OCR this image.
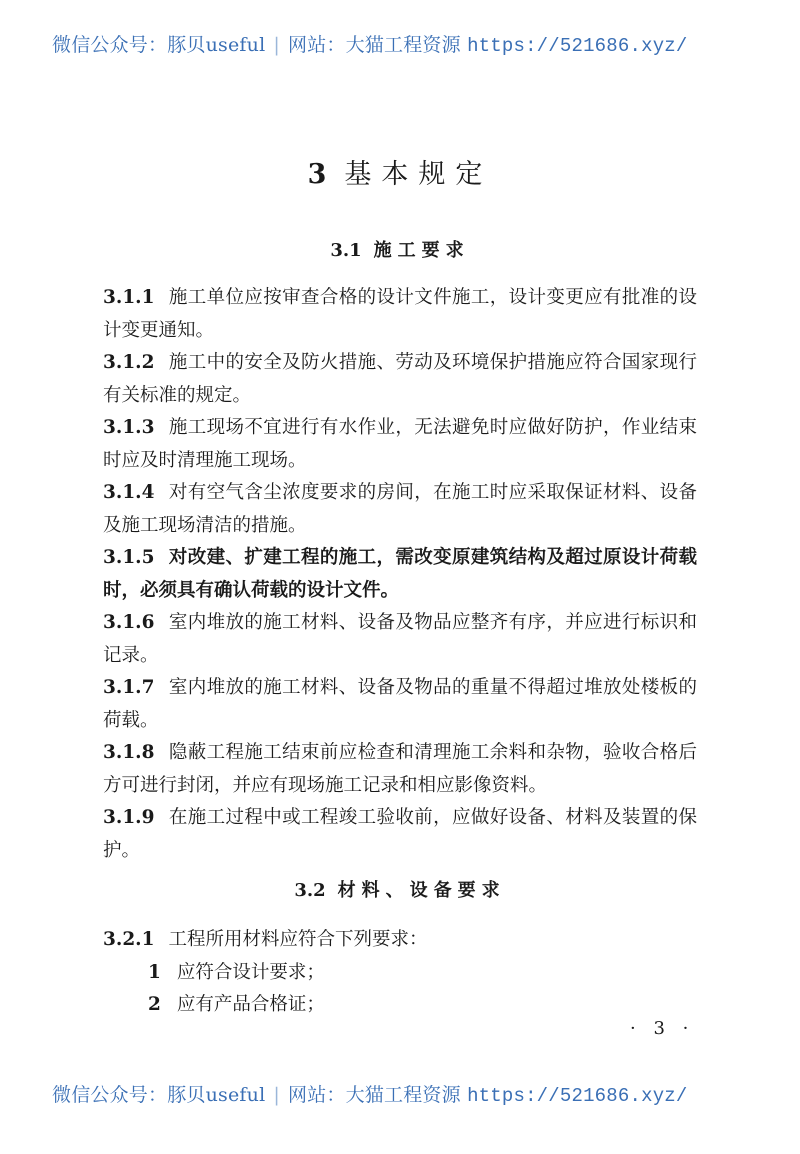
微信公众号：豚贝useful | 网站：大猫工程资源 https://521686.xyz/
3 基本规定
3.1 施工要求

3.1.1 施工单位应按审查合格的设计文件施工，设计变更应有批准的设计变更通知。

3.1.2 施工中的安全及防火措施、劳动及环境保护措施应符合国家现行有关标准的规定。

3.1.3 施工现场不宜进行有水作业，无法避免时应做好防护，作业结束时应及时清理施工现场。

3.1.4 对有空气含尘浓度要求的房间，在施工时应采取保证材料、设备及施工现场清洁的措施。

3.1.5 对改建、扩建工程的施工，需改变原建筑结构及超过原设计荷载时，必须具有确认荷载的设计文件。

3.1.6 室内堆放的施工材料、设备及物品应整齐有序，并应进行标识和记录。

3.1.7 室内堆放的施工材料、设备及物品的重量不得超过堆放处楼板的荷载。

3.1.8 隐蔽工程施工结束前应检查和清理施工余料和杂物，验收合格后方可进行封闭，并应有现场施工记录和相应影像资料。

3.1.9 在施工过程中或工程竣工验收前，应做好设备、材料及装置的保护。

3.2 材料、设备要求

3.2.1 工程所用材料应符合下列要求：

1 应符合设计要求；

2 应有产品合格证；

· 3 ·
微信公众号：豚贝useful | 网站：大猫工程资源 https://521686.xyz/
